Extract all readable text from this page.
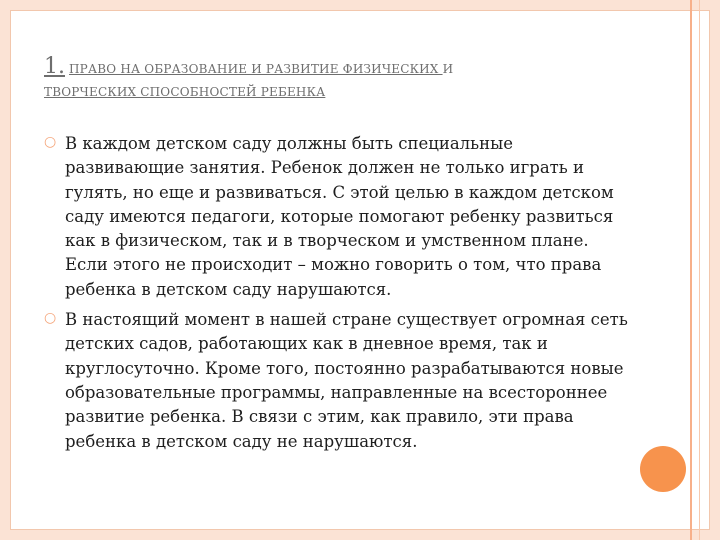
1. ПРАВО НА ОБРАЗОВАНИЕ И РАЗВИТИЕ ФИЗИЧЕСКИХ И
ТВОРЧЕСКИХ СПОСОБНОСТЕЙ РЕБЕНКА
○ В каждом детском саду должны быть специальные развивающие занятия. Ребенок должен не только играть и гулять, но еще и развиваться. С этой целью в каждом детском саду имеются педагоги, которые помогают ребенку развиться как в физическом, так и в творческом и умственном плане. Если этого не происходит – можно говорить о том, что права ребенка в детском саду нарушаются.
○ В настоящий момент в нашей стране существует огромная сеть детских садов, работающих как в дневное время, так и круглосуточно. Кроме того, постоянно разрабатываются новые образовательные программы, направленные на всестороннее развитие ребенка. В связи с этим, как правило, эти права ребенка в детском саду не нарушаются.
